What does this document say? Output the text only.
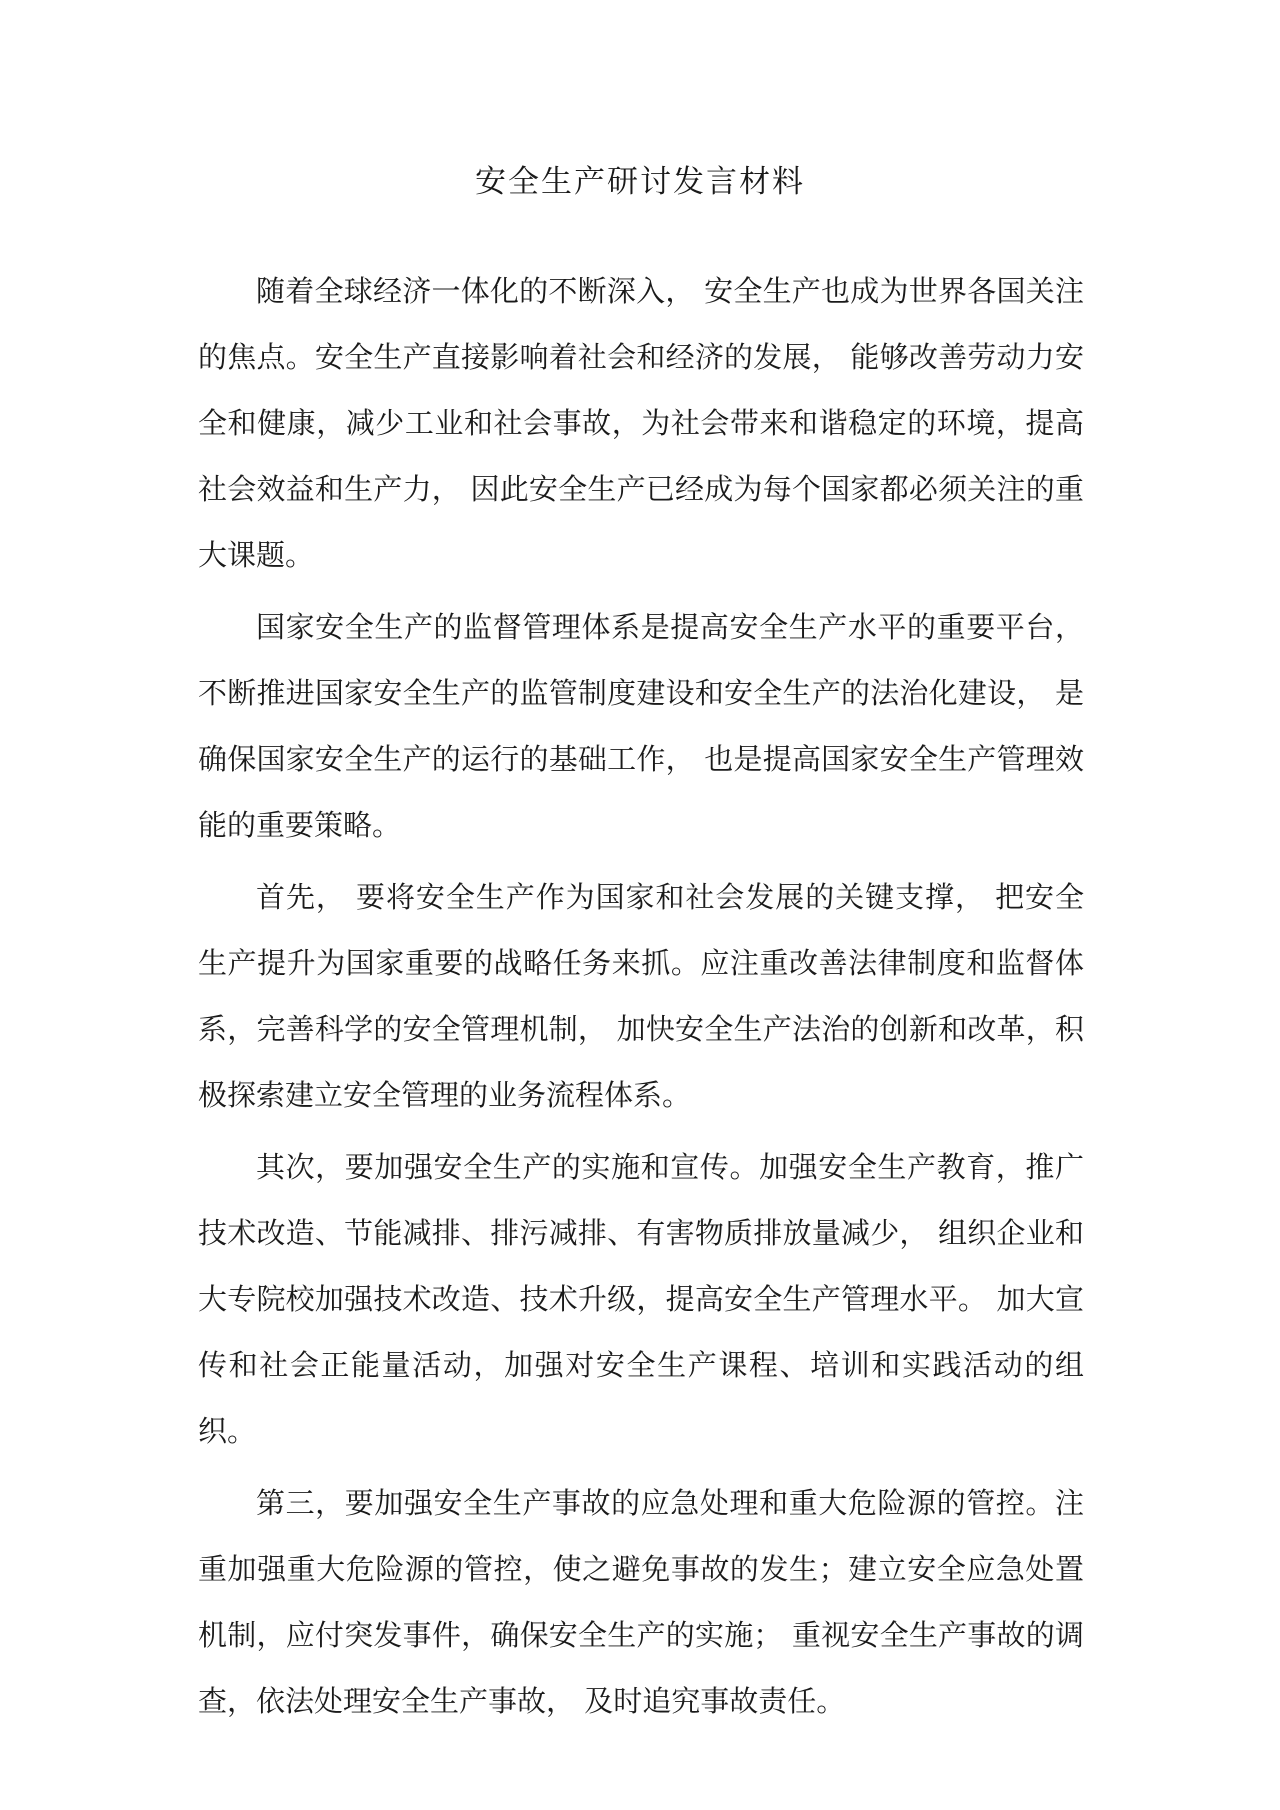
安全生产研讨发言材料

随着全球经济一体化的不断深入， 安全生产也成为世界各国关注的焦点。安全生产直接影响着社会和经济的发展， 能够改善劳动力安全和健康，减少工业和社会事故，为社会带来和谐稳定的环境，提高社会效益和生产力， 因此安全生产已经成为每个国家都必须关注的重大课题。

国家安全生产的监督管理体系是提高安全生产水平的重要平台，不断推进国家安全生产的监管制度建设和安全生产的法治化建设， 是确保国家安全生产的运行的基础工作， 也是提高国家安全生产管理效能的重要策略。

首先， 要将安全生产作为国家和社会发展的关键支撑， 把安全生产提升为国家重要的战略任务来抓。应注重改善法律制度和监督体系，完善科学的安全管理机制， 加快安全生产法治的创新和改革，积极探索建立安全管理的业务流程体系。

其次，要加强安全生产的实施和宣传。加强安全生产教育，推广技术改造、节能减排、排污减排、有害物质排放量减少， 组织企业和大专院校加强技术改造、技术升级，提高安全生产管理水平。 加大宣传和社会正能量活动，加强对安全生产课程、培训和实践活动的组织。

第三，要加强安全生产事故的应急处理和重大危险源的管控。注重加强重大危险源的管控，使之避免事故的发生；建立安全应急处置机制，应付突发事件，确保安全生产的实施； 重视安全生产事故的调查，依法处理安全生产事故， 及时追究事故责任。
